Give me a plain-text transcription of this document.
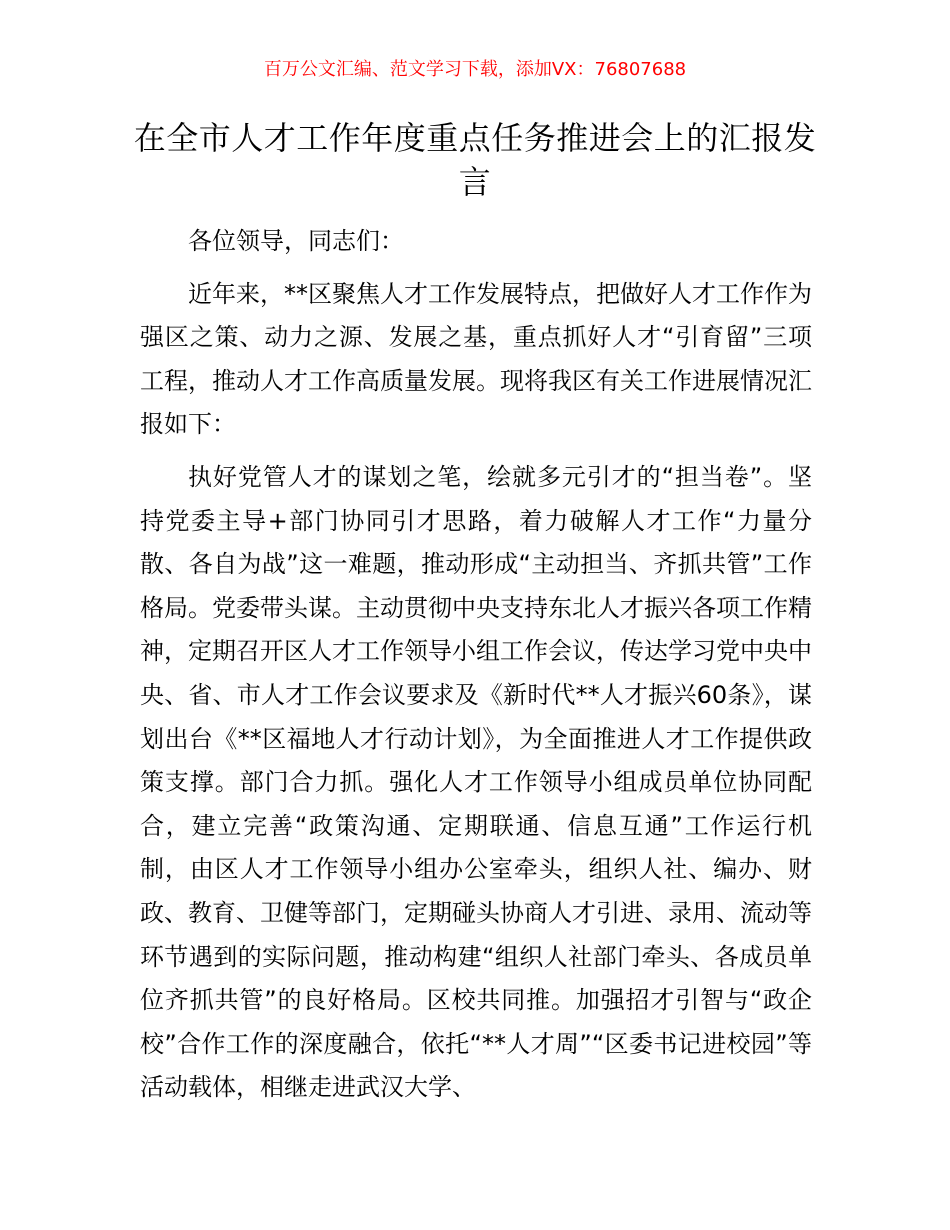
百万公文汇编、范文学习下载，添加VX：76807688
在全市人才工作年度重点任务推进会上的汇报发言

各位领导，同志们：

近年来，**区聚焦人才工作发展特点，把做好人才工作作为强区之策、动力之源、发展之基，重点抓好人才“引育留”三项工程，推动人才工作高质量发展。现将我区有关工作进展情况汇报如下：

执好党管人才的谋划之笔，绘就多元引才的“担当卷”。坚持党委主导+部门协同引才思路，着力破解人才工作“力量分散、各自为战”这一难题，推动形成“主动担当、齐抓共管”工作格局。党委带头谋。主动贯彻中央支持东北人才振兴各项工作精神，定期召开区人才工作领导小组工作会议，传达学习党中央中央、省、市人才工作会议要求及《新时代**人才振兴60条》，谋划出台《**区福地人才行动计划》，为全面推进人才工作提供政策支撑。部门合力抓。强化人才工作领导小组成员单位协同配合，建立完善“政策沟通、定期联通、信息互通”工作运行机制，由区人才工作领导小组办公室牵头，组织人社、编办、财政、教育、卫健等部门，定期碰头协商人才引进、录用、流动等环节遇到的实际问题，推动构建“组织人社部门牵头、各成员单位齐抓共管”的良好格局。区校共同推。加强招才引智与“政企校”合作工作的深度融合，依托“**人才周”“区委书记进校园”等活动载体，相继走进武汉大学、
